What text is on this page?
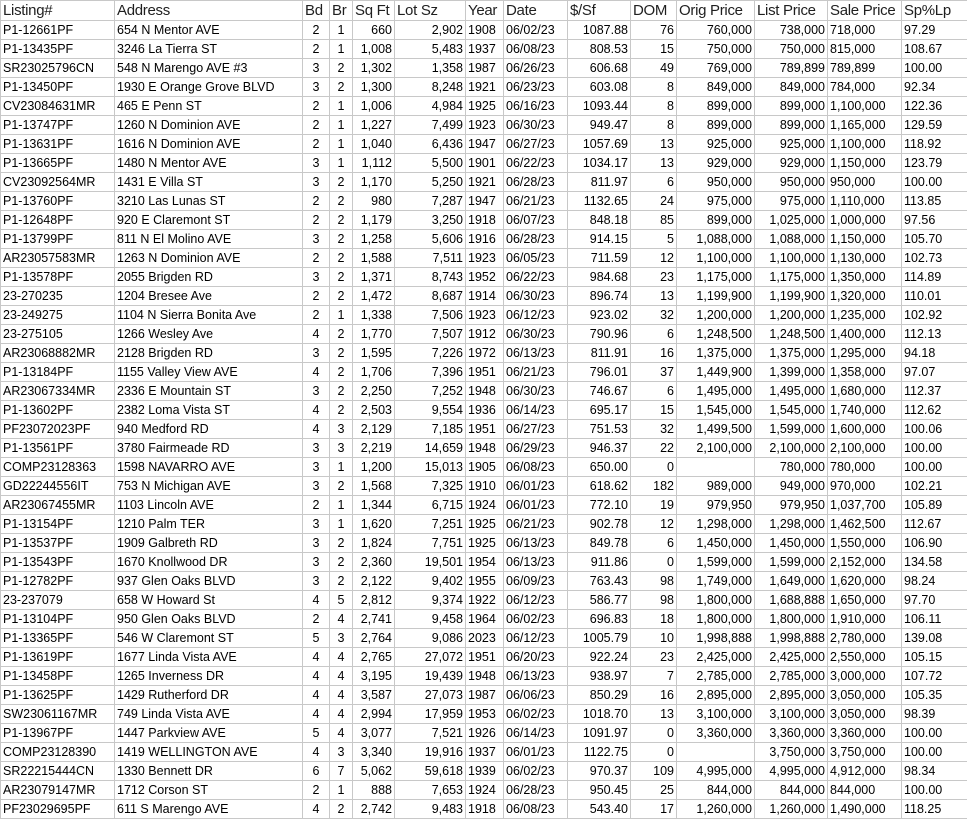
Listing#	Address	Bd	Br	Sq Ft	Lot Sz	Year	Date	$/Sf	DOM	Orig Price	List Price	Sale Price	Sp%Lp
P1-12661PF	654 N Mentor AVE	2	1	660	2,902	1908	06/02/23	1087.88	76	760,000	738,000	718,000	97.29
P1-13435PF	3246 La Tierra ST	2	1	1,008	5,483	1937	06/08/23	808.53	15	750,000	750,000	815,000	108.67
SR23025796CN	548 N Marengo AVE #3	3	2	1,302	1,358	1987	06/26/23	606.68	49	769,000	789,899	789,899	100.00
P1-13450PF	1930 E Orange Grove BLVD	3	2	1,300	8,248	1921	06/23/23	603.08	8	849,000	849,000	784,000	92.34
CV23084631MR	465 E Penn ST	2	1	1,006	4,984	1925	06/16/23	1093.44	8	899,000	899,000	1,100,000	122.36
P1-13747PF	1260 N Dominion AVE	2	1	1,227	7,499	1923	06/30/23	949.47	8	899,000	899,000	1,165,000	129.59
P1-13631PF	1616 N Dominion AVE	2	1	1,040	6,436	1947	06/27/23	1057.69	13	925,000	925,000	1,100,000	118.92
P1-13665PF	1480 N Mentor AVE	3	1	1,112	5,500	1901	06/22/23	1034.17	13	929,000	929,000	1,150,000	123.79
CV23092564MR	1431 E Villa ST	3	2	1,170	5,250	1921	06/28/23	811.97	6	950,000	950,000	950,000	100.00
P1-13760PF	3210 Las Lunas ST	2	2	980	7,287	1947	06/21/23	1132.65	24	975,000	975,000	1,110,000	113.85
P1-12648PF	920 E Claremont ST	2	2	1,179	3,250	1918	06/07/23	848.18	85	899,000	1,025,000	1,000,000	97.56
P1-13799PF	811 N El Molino AVE	3	2	1,258	5,606	1916	06/28/23	914.15	5	1,088,000	1,088,000	1,150,000	105.70
AR23057583MR	1263 N Dominion AVE	2	2	1,588	7,511	1923	06/05/23	711.59	12	1,100,000	1,100,000	1,130,000	102.73
P1-13578PF	2055 Brigden RD	3	2	1,371	8,743	1952	06/22/23	984.68	23	1,175,000	1,175,000	1,350,000	114.89
23-270235	1204 Bresee Ave	2	2	1,472	8,687	1914	06/30/23	896.74	13	1,199,900	1,199,900	1,320,000	110.01
23-249275	1104 N Sierra Bonita Ave	2	1	1,338	7,506	1923	06/12/23	923.02	32	1,200,000	1,200,000	1,235,000	102.92
23-275105	1266 Wesley Ave	4	2	1,770	7,507	1912	06/30/23	790.96	6	1,248,500	1,248,500	1,400,000	112.13
AR23068882MR	2128 Brigden RD	3	2	1,595	7,226	1972	06/13/23	811.91	16	1,375,000	1,375,000	1,295,000	94.18
P1-13184PF	1155 Valley View AVE	4	2	1,706	7,396	1951	06/21/23	796.01	37	1,449,900	1,399,000	1,358,000	97.07
AR23067334MR	2336 E Mountain ST	3	2	2,250	7,252	1948	06/30/23	746.67	6	1,495,000	1,495,000	1,680,000	112.37
P1-13602PF	2382 Loma Vista ST	4	2	2,503	9,554	1936	06/14/23	695.17	15	1,545,000	1,545,000	1,740,000	112.62
PF23072023PF	940 Medford RD	4	3	2,129	7,185	1951	06/27/23	751.53	32	1,499,500	1,599,000	1,600,000	100.06
P1-13561PF	3780 Fairmeade RD	3	3	2,219	14,659	1948	06/29/23	946.37	22	2,100,000	2,100,000	2,100,000	100.00
COMP23128363	1598 NAVARRO AVE	3	1	1,200	15,013	1905	06/08/23	650.00	0		780,000	780,000	100.00
GD22244556IT	753 N Michigan AVE	3	2	1,568	7,325	1910	06/01/23	618.62	182	989,000	949,000	970,000	102.21
AR23067455MR	1103 Lincoln AVE	2	1	1,344	6,715	1924	06/01/23	772.10	19	979,950	979,950	1,037,700	105.89
P1-13154PF	1210 Palm TER	3	1	1,620	7,251	1925	06/21/23	902.78	12	1,298,000	1,298,000	1,462,500	112.67
P1-13537PF	1909 Galbreth RD	3	2	1,824	7,751	1925	06/13/23	849.78	6	1,450,000	1,450,000	1,550,000	106.90
P1-13543PF	1670 Knollwood DR	3	2	2,360	19,501	1954	06/13/23	911.86	0	1,599,000	1,599,000	2,152,000	134.58
P1-12782PF	937 Glen Oaks BLVD	3	2	2,122	9,402	1955	06/09/23	763.43	98	1,749,000	1,649,000	1,620,000	98.24
23-237079	658 W Howard St	4	5	2,812	9,374	1922	06/12/23	586.77	98	1,800,000	1,688,888	1,650,000	97.70
P1-13104PF	950 Glen Oaks BLVD	2	4	2,741	9,458	1964	06/02/23	696.83	18	1,800,000	1,800,000	1,910,000	106.11
P1-13365PF	546 W Claremont ST	5	3	2,764	9,086	2023	06/12/23	1005.79	10	1,998,888	1,998,888	2,780,000	139.08
P1-13619PF	1677 Linda Vista AVE	4	4	2,765	27,072	1951	06/20/23	922.24	23	2,425,000	2,425,000	2,550,000	105.15
P1-13458PF	1265 Inverness DR	4	4	3,195	19,439	1948	06/13/23	938.97	7	2,785,000	2,785,000	3,000,000	107.72
P1-13625PF	1429 Rutherford DR	4	4	3,587	27,073	1987	06/06/23	850.29	16	2,895,000	2,895,000	3,050,000	105.35
SW23061167MR	749 Linda Vista AVE	4	4	2,994	17,959	1953	06/02/23	1018.70	13	3,100,000	3,100,000	3,050,000	98.39
P1-13967PF	1447 Parkview AVE	5	4	3,077	7,521	1926	06/14/23	1091.97	0	3,360,000	3,360,000	3,360,000	100.00
COMP23128390	1419 WELLINGTON AVE	4	3	3,340	19,916	1937	06/01/23	1122.75	0		3,750,000	3,750,000	100.00
SR22215444CN	1330 Bennett DR	6	7	5,062	59,618	1939	06/02/23	970.37	109	4,995,000	4,995,000	4,912,000	98.34
AR23079147MR	1712 Corson ST	2	1	888	7,653	1924	06/28/23	950.45	25	844,000	844,000	844,000	100.00
PF23029695PF	611 S Marengo AVE	4	2	2,742	9,483	1918	06/08/23	543.40	17	1,260,000	1,260,000	1,490,000	118.25
